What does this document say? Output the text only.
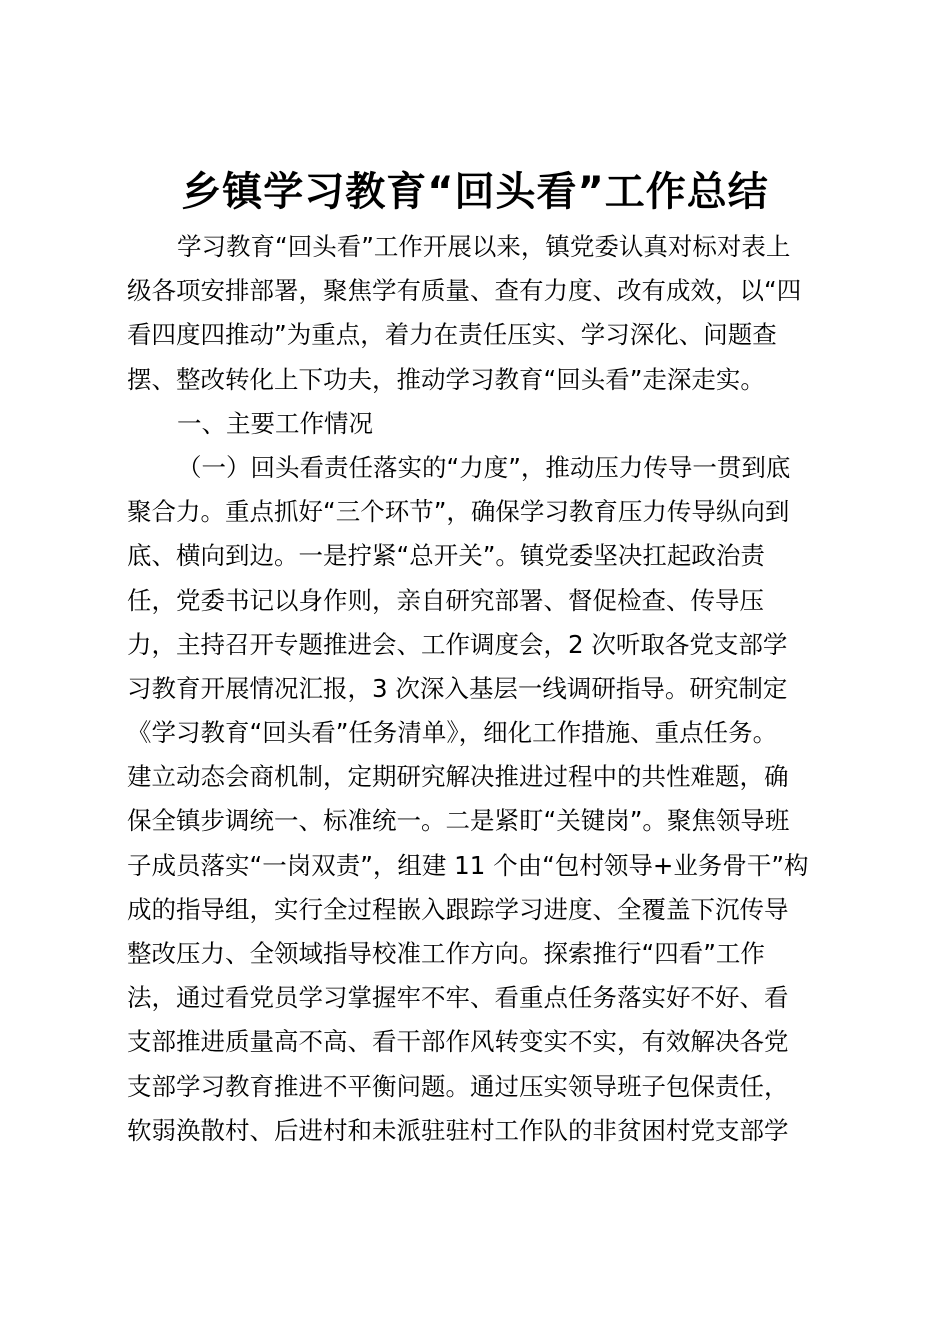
乡镇学习教育“回头看”工作总结
学习教育“回头看”工作开展以来，镇党委认真对标对表上
级各项安排部署，聚焦学有质量、查有力度、改有成效，以“四
看四度四推动”为重点，着力在责任压实、学习深化、问题查
摆、整改转化上下功夫，推动学习教育“回头看”走深走实。
一、主要工作情况
（一）回头看责任落实的“力度”，推动压力传导一贯到底
聚合力。重点抓好“三个环节”，确保学习教育压力传导纵向到
底、横向到边。一是拧紧“总开关”。镇党委坚决扛起政治责
任，党委书记以身作则，亲自研究部署、督促检查、传导压
力，主持召开专题推进会、工作调度会，2 次听取各党支部学
习教育开展情况汇报，3 次深入基层一线调研指导。研究制定
《学习教育“回头看”任务清单》，细化工作措施、重点任务。
建立动态会商机制，定期研究解决推进过程中的共性难题，确
保全镇步调统一、标准统一。二是紧盯“关键岗”。聚焦领导班
子成员落实“一岗双责”，组建 11 个由“包村领导+业务骨干”构
成的指导组，实行全过程嵌入跟踪学习进度、全覆盖下沉传导
整改压力、全领域指导校准工作方向。探索推行“四看”工作
法，通过看党员学习掌握牢不牢、看重点任务落实好不好、看
支部推进质量高不高、看干部作风转变实不实，有效解决各党
支部学习教育推进不平衡问题。通过压实领导班子包保责任，
软弱涣散村、后进村和未派驻驻村工作队的非贫困村党支部学
